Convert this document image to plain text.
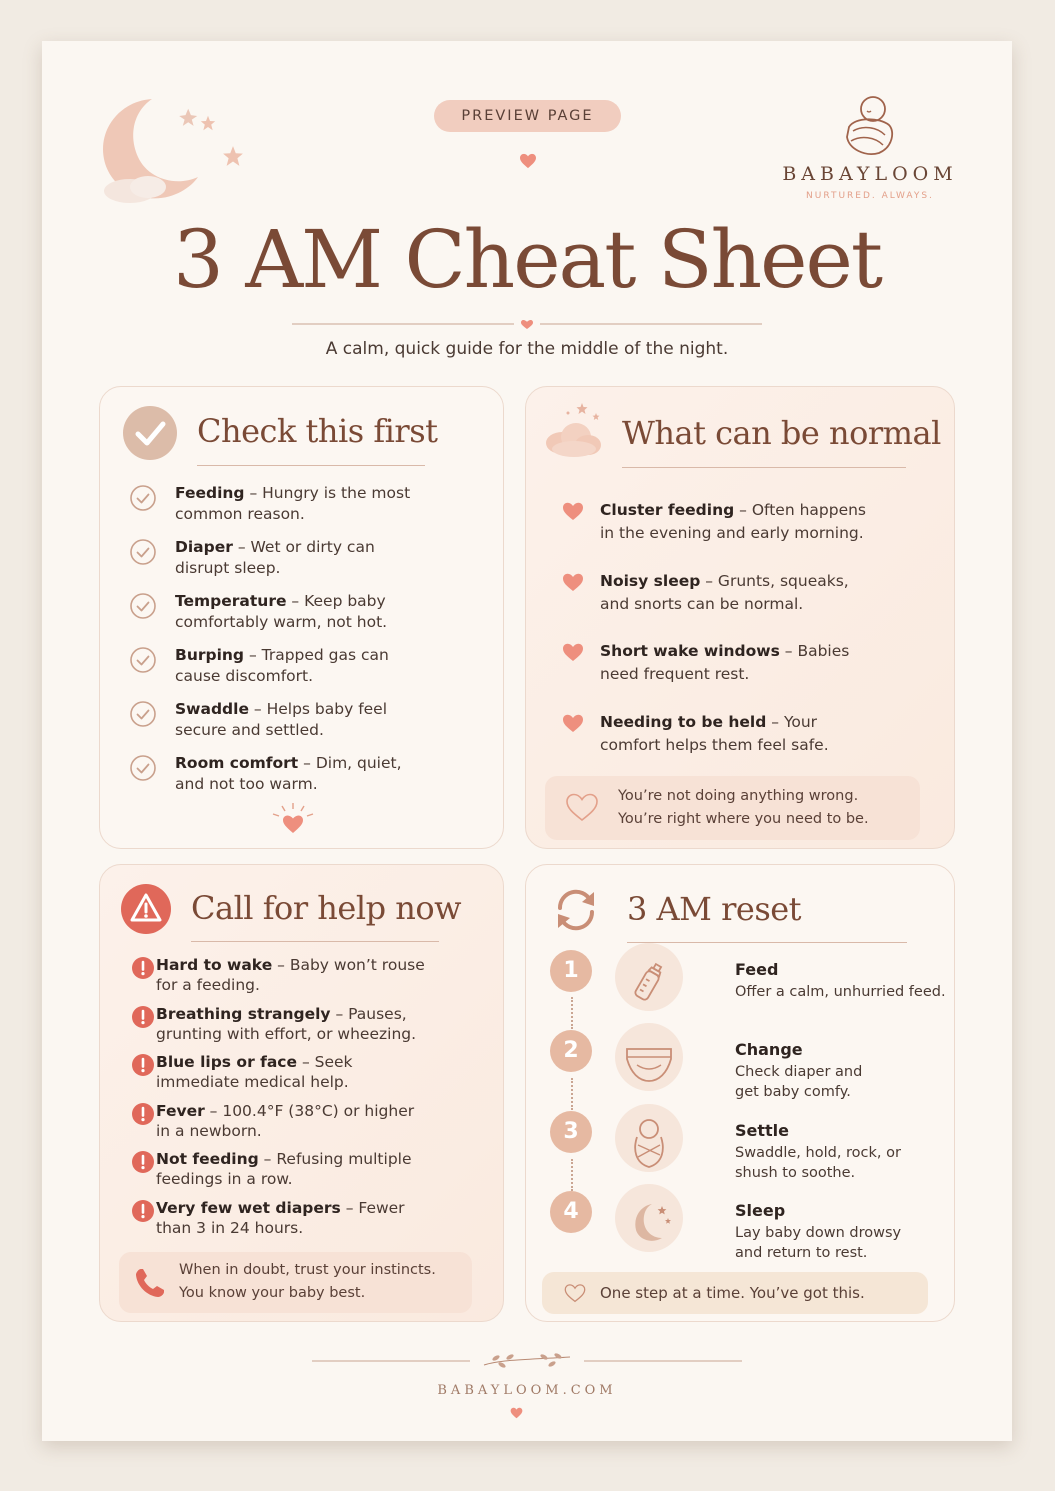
PREVIEW PAGE
BABAYLOOM
NURTURED. ALWAYS.
3 AM Cheat Sheet
A calm, quick guide for the middle of the night.
Check this first
Feeding – Hungry is the most
common reason.
Diaper – Wet or dirty can
disrupt sleep.
Temperature – Keep baby
comfortably warm, not hot.
Burping – Trapped gas can
cause discomfort.
Swaddle – Helps baby feel
secure and settled.
Room comfort – Dim, quiet,
and not too warm.
What can be normal
Cluster feeding – Often happens
in the evening and early morning.
Noisy sleep – Grunts, squeaks,
and snorts can be normal.
Short wake windows – Babies
need frequent rest.
Needing to be held – Your
comfort helps them feel safe.
You’re not doing anything wrong.
You’re right where you need to be.
Call for help now
Hard to wake – Baby won’t rouse
for a feeding.
Breathing strangely – Pauses,
grunting with effort, or wheezing.
Blue lips or face – Seek
immediate medical help.
Fever – 100.4°F (38°C) or higher
in a newborn.
Not feeding – Refusing multiple
feedings in a row.
Very few wet diapers – Fewer
than 3 in 24 hours.
When in doubt, trust your instincts.
You know your baby best.
3 AM reset
1	Feed
Offer a calm, unhurried feed.

2	Change
Check diaper and
get baby comfy.
3	Settle
Swaddle, hold, rock, or
shush to soothe.
4	Sleep
Lay baby down drowsy
and return to rest.
One step at a time. You’ve got this.
BABAYLOOM.COM
